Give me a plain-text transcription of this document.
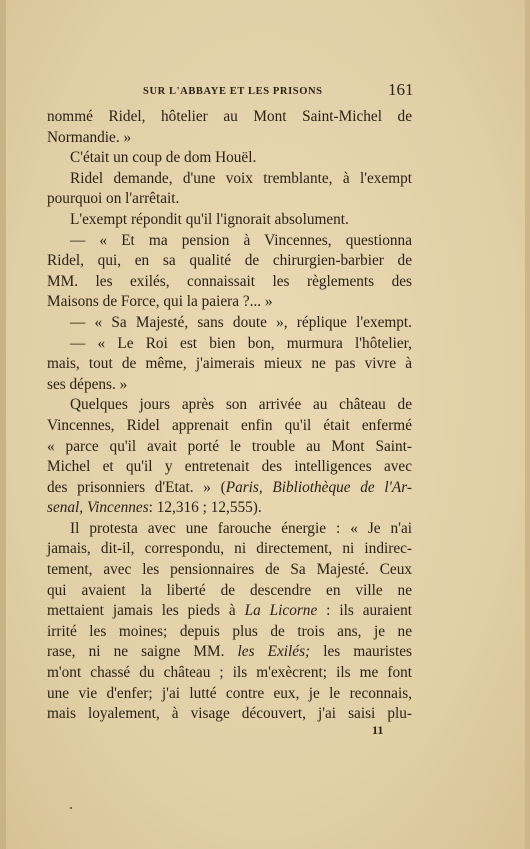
SUR L'ABBAYE ET LES PRISONS	161
nommé Ridel, hôtelier au Mont Saint-Michel de
Normandie. »
C'était un coup de dom Houël.
Ridel demande, d'une voix tremblante, à l'exempt
pourquoi on l'arrêtait.
L'exempt répondit qu'il l'ignorait absolument.
— « Et ma pension à Vincennes, questionna
Ridel, qui, en sa qualité de chirurgien-barbier de
MM. les exilés, connaissait les règlements des
Maisons de Force, qui la paiera ?... »
— « Sa Majesté, sans doute », réplique l'exempt.
— « Le Roi est bien bon, murmura l'hôtelier,
mais, tout de même, j'aimerais mieux ne pas vivre à
ses dépens. »
Quelques jours après son arrivée au château de
Vincennes, Ridel apprenait enfin qu'il était enfermé
« parce qu'il avait porté le trouble au Mont Saint-
Michel et qu'il y entretenait des intelligences avec
des prisonniers d'Etat. » (Paris, Bibliothèque de l'Ar-
senal, Vincennes: 12,316 ; 12,555).
Il protesta avec une farouche énergie : « Je n'ai
jamais, dit-il, correspondu, ni directement, ni indirec-
tement, avec les pensionnaires de Sa Majesté. Ceux
qui avaient la liberté de descendre en ville ne
mettaient jamais les pieds à La Licorne : ils auraient
irrité les moines; depuis plus de trois ans, je ne
rase, ni ne saigne MM. les Exilés; les mauristes
m'ont chassé du château ; ils m'exècrent; ils me font
une vie d'enfer; j'ai lutté contre eux, je le reconnais,
mais loyalement, à visage découvert, j'ai saisi plu-
11
